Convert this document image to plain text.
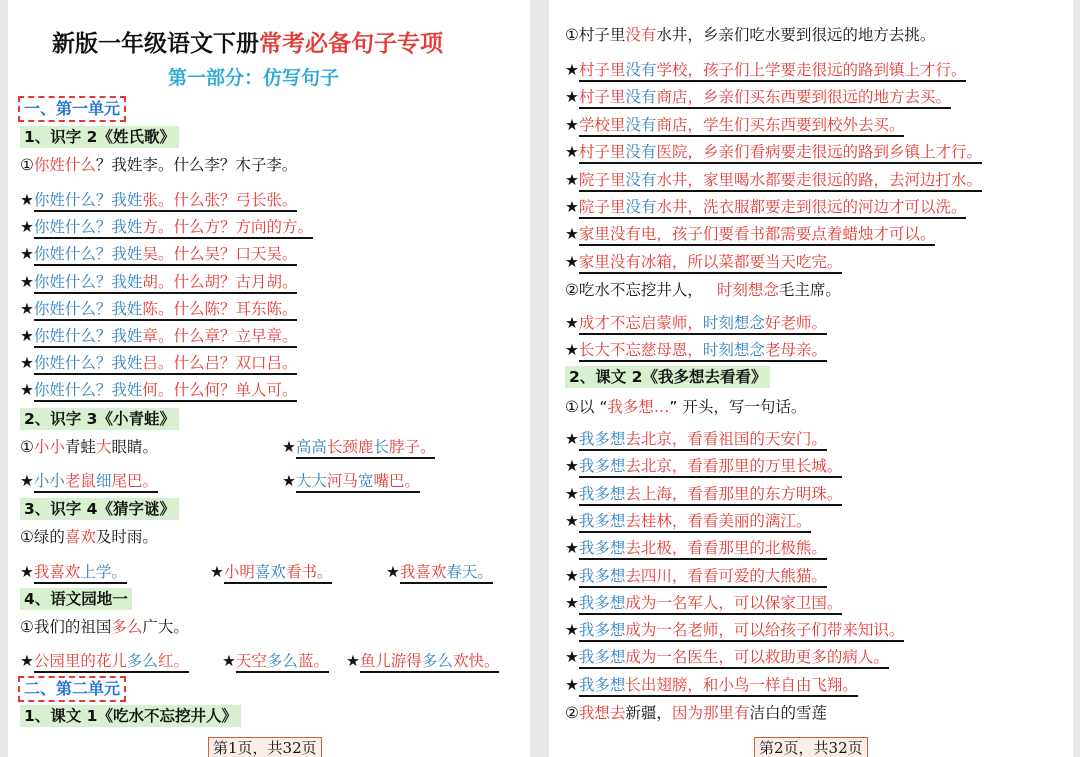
新版一年级语文下册常考必备句子专项
第一部分：仿写句子
一、第一单元
1、识字 2《姓氏歌》
①你姓什么？我姓李。什么李？木子李。
★你姓什么？我姓张。什么张？弓长张。
★你姓什么？我姓方。什么方？方向的方。
★你姓什么？我姓吴。什么吴？口天吴。
★你姓什么？我姓胡。什么胡？古月胡。
★你姓什么？我姓陈。什么陈？耳东陈。
★你姓什么？我姓章。什么章？立早章。
★你姓什么？我姓吕。什么吕？双口吕。
★你姓什么？我姓何。什么何？单人可。
2、识字 3《小青蛙》
①小小青蛙大眼睛。	★高高长颈鹿长脖子。
★小小老鼠细尾巴。	★大大河马宽嘴巴。
3、识字 4《猜字谜》
①绿的喜欢及时雨。
★我喜欢上学。	★小明喜欢看书。	★我喜欢春天。
4、语文园地一
①我们的祖国多么广大。
★公园里的花儿多么红。 ★天空多么蓝。 ★鱼儿游得多么欢快。
二、第二单元
1、课文 1《吃水不忘挖井人》
第1页，共32页
①村子里没有水井，乡亲们吃水要到很远的地方去挑。
★村子里没有学校，孩子们上学要走很远的路到镇上才行。
★村子里没有商店，乡亲们买东西要到很远的地方去买。
★学校里没有商店，学生们买东西要到校外去买。
★村子里没有医院，乡亲们看病要走很远的路到乡镇上才行。
★院子里没有水井，家里喝水都要走很远的路，去河边打水。
★院子里没有水井，洗衣服都要走到很远的河边才可以洗。
★家里没有电，孩子们要看书都需要点着蜡烛才可以。
★家里没有冰箱，所以菜都要当天吃完。
②吃水不忘挖井人， 时刻想念毛主席。
★成才不忘启蒙师，时刻想念好老师。
★长大不忘慈母恩，时刻想念老母亲。
2、课文 2《我多想去看看》
①以 “我多想…” 开头，写一句话。
★我多想去北京，看看祖国的天安门。
★我多想去北京，看看那里的万里长城。
★我多想去上海，看看那里的东方明珠。
★我多想去桂林，看看美丽的漓江。
★我多想去北极，看看那里的北极熊。
★我多想去四川，看看可爱的大熊猫。
★我多想成为一名军人，可以保家卫国。
★我多想成为一名老师，可以给孩子们带来知识。
★我多想成为一名医生，可以救助更多的病人。
★我多想长出翅膀，和小鸟一样自由飞翔。
②我想去新疆，因为那里有洁白的雪莲
第2页，共32页
